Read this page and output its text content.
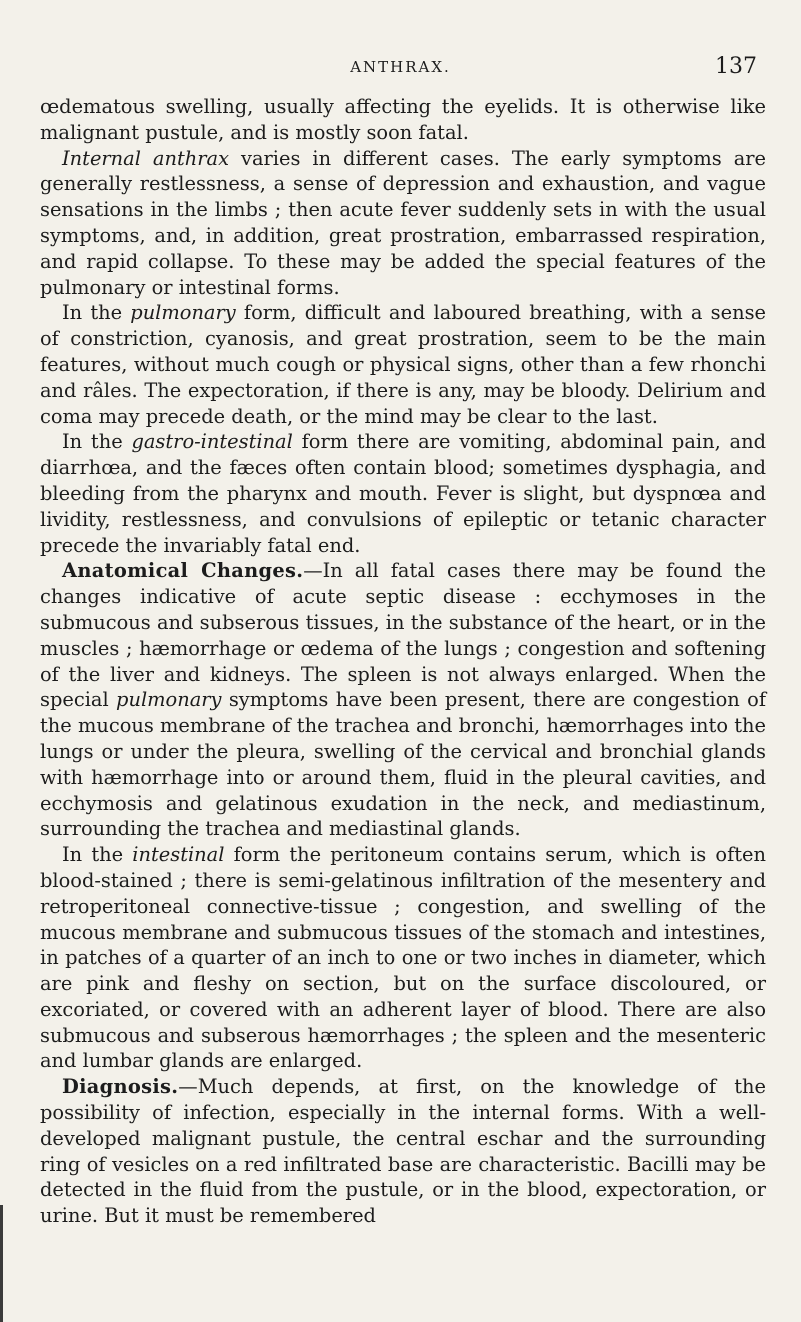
ANTHRAX.	137

œdematous swelling, usually affecting the eyelids. It is otherwise like malignant pustule, and is mostly soon fatal.

Internal anthrax varies in different cases. The early symptoms are generally restlessness, a sense of depression and exhaustion, and vague sensations in the limbs ; then acute fever suddenly sets in with the usual symptoms, and, in addition, great prostration, embarrassed respiration, and rapid collapse. To these may be added the special features of the pulmonary or intestinal forms.

In the pulmonary form, difficult and laboured breathing, with a sense of constriction, cyanosis, and great prostration, seem to be the main features, without much cough or physical signs, other than a few rhonchi and râles. The expectoration, if there is any, may be bloody. Delirium and coma may precede death, or the mind may be clear to the last.

In the gastro-intestinal form there are vomiting, abdominal pain, and diarrhœa, and the fæces often contain blood; sometimes dysphagia, and bleeding from the pharynx and mouth. Fever is slight, but dyspnœa and lividity, restlessness, and convulsions of epileptic or tetanic character precede the invariably fatal end.

Anatomical Changes.—In all fatal cases there may be found the changes indicative of acute septic disease : ecchymoses in the submucous and subserous tissues, in the substance of the heart, or in the muscles ; hæmorrhage or œdema of the lungs ; congestion and softening of the liver and kidneys. The spleen is not always enlarged. When the special pulmonary symptoms have been present, there are congestion of the mucous membrane of the trachea and bronchi, hæmorrhages into the lungs or under the pleura, swelling of the cervical and bronchial glands with hæmorrhage into or around them, fluid in the pleural cavities, and ecchymosis and gelatinous exudation in the neck, and mediastinum, surrounding the trachea and mediastinal glands.

In the intestinal form the peritoneum contains serum, which is often blood-stained ; there is semi-gelatinous infiltration of the mesentery and retroperitoneal connective-tissue ; congestion, and swelling of the mucous membrane and submucous tissues of the stomach and intestines, in patches of a quarter of an inch to one or two inches in diameter, which are pink and fleshy on section, but on the surface discoloured, or excoriated, or covered with an adherent layer of blood. There are also submucous and subserous hæmorrhages ; the spleen and the mesenteric and lumbar glands are enlarged.

Diagnosis.—Much depends, at first, on the knowledge of the possibility of infection, especially in the internal forms. With a well-developed malignant pustule, the central eschar and the surrounding ring of vesicles on a red infiltrated base are characteristic. Bacilli may be detected in the fluid from the pustule, or in the blood, expectoration, or urine. But it must be remembered
